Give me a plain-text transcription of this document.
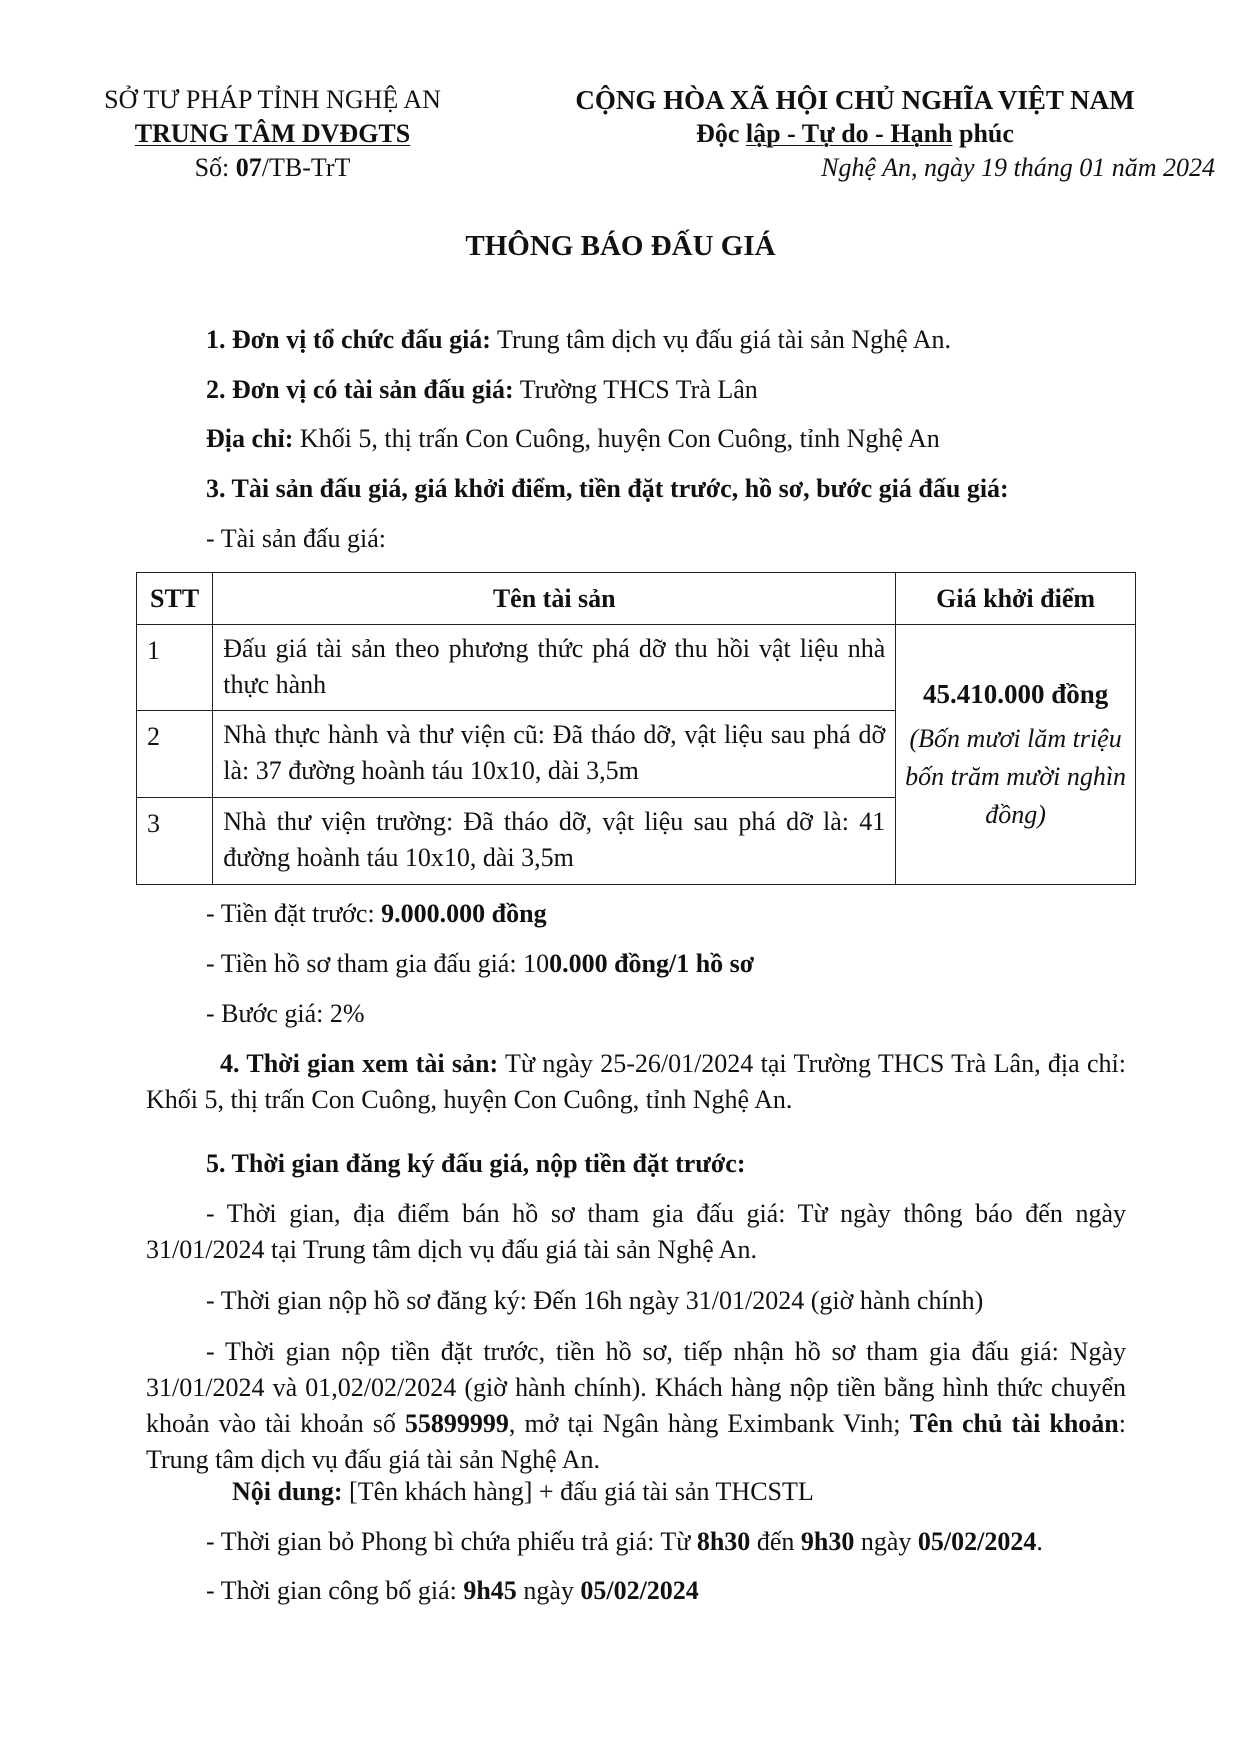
SỞ TƯ PHÁP TỈNH NGHỆ AN
TRUNG TÂM DVĐGTS
Số: 07/TB-TrT
CỘNG HÒA XÃ HỘI CHỦ NGHĨA VIỆT NAM
Độc lập - Tự do - Hạnh phúc
Nghệ An, ngày 19 tháng 01 năm 2024
THÔNG BÁO ĐẤU GIÁ
1. Đơn vị tổ chức đấu giá: Trung tâm dịch vụ đấu giá tài sản Nghệ An.
2. Đơn vị có tài sản đấu giá: Trường THCS Trà Lân
Địa chỉ: Khối 5, thị trấn Con Cuông, huyện Con Cuông, tỉnh Nghệ An
3. Tài sản đấu giá, giá khởi điểm, tiền đặt trước, hồ sơ, bước giá đấu giá:
- Tài sản đấu giá:
STT	Tên tài sản	Giá khởi điểm
1	Đấu giá tài sản theo phương thức phá dỡ thu hồi vật liệu nhà thực hành	45.410.000 đồng
(Bốn mươi lăm triệu bốn trăm mười nghìn đồng)

2	Nhà thực hành và thư viện cũ: Đã tháo dỡ, vật liệu sau phá dỡ là: 37 đường hoành táu 10x10, dài 3,5m	
3	Nhà thư viện trường: Đã tháo dỡ, vật liệu sau phá dỡ là: 41 đường hoành táu 10x10, dài 3,5m	
- Tiền đặt trước: 9.000.000 đồng
- Tiền hồ sơ tham gia đấu giá: 100.000 đồng/1 hồ sơ
- Bước giá: 2%
4. Thời gian xem tài sản: Từ ngày 25-26/01/2024 tại Trường THCS Trà Lân, địa chỉ: Khối 5, thị trấn Con Cuông, huyện Con Cuông, tỉnh Nghệ An.
5. Thời gian đăng ký đấu giá, nộp tiền đặt trước:
- Thời gian, địa điểm bán hồ sơ tham gia đấu giá: Từ ngày thông báo đến ngày 31/01/2024 tại Trung tâm dịch vụ đấu giá tài sản Nghệ An.
- Thời gian nộp hồ sơ đăng ký: Đến 16h ngày 31/01/2024 (giờ hành chính)
- Thời gian nộp tiền đặt trước, tiền hồ sơ, tiếp nhận hồ sơ tham gia đấu giá: Ngày 31/01/2024 và 01,02/02/2024 (giờ hành chính). Khách hàng nộp tiền bằng hình thức chuyển khoản vào tài khoản số 55899999, mở tại Ngân hàng Eximbank Vinh; Tên chủ tài khoản: Trung tâm dịch vụ đấu giá tài sản Nghệ An.
Nội dung: [Tên khách hàng] + đấu giá tài sản THCSTL
- Thời gian bỏ Phong bì chứa phiếu trả giá: Từ 8h30 đến 9h30 ngày 05/02/2024.
- Thời gian công bố giá: 9h45 ngày 05/02/2024
